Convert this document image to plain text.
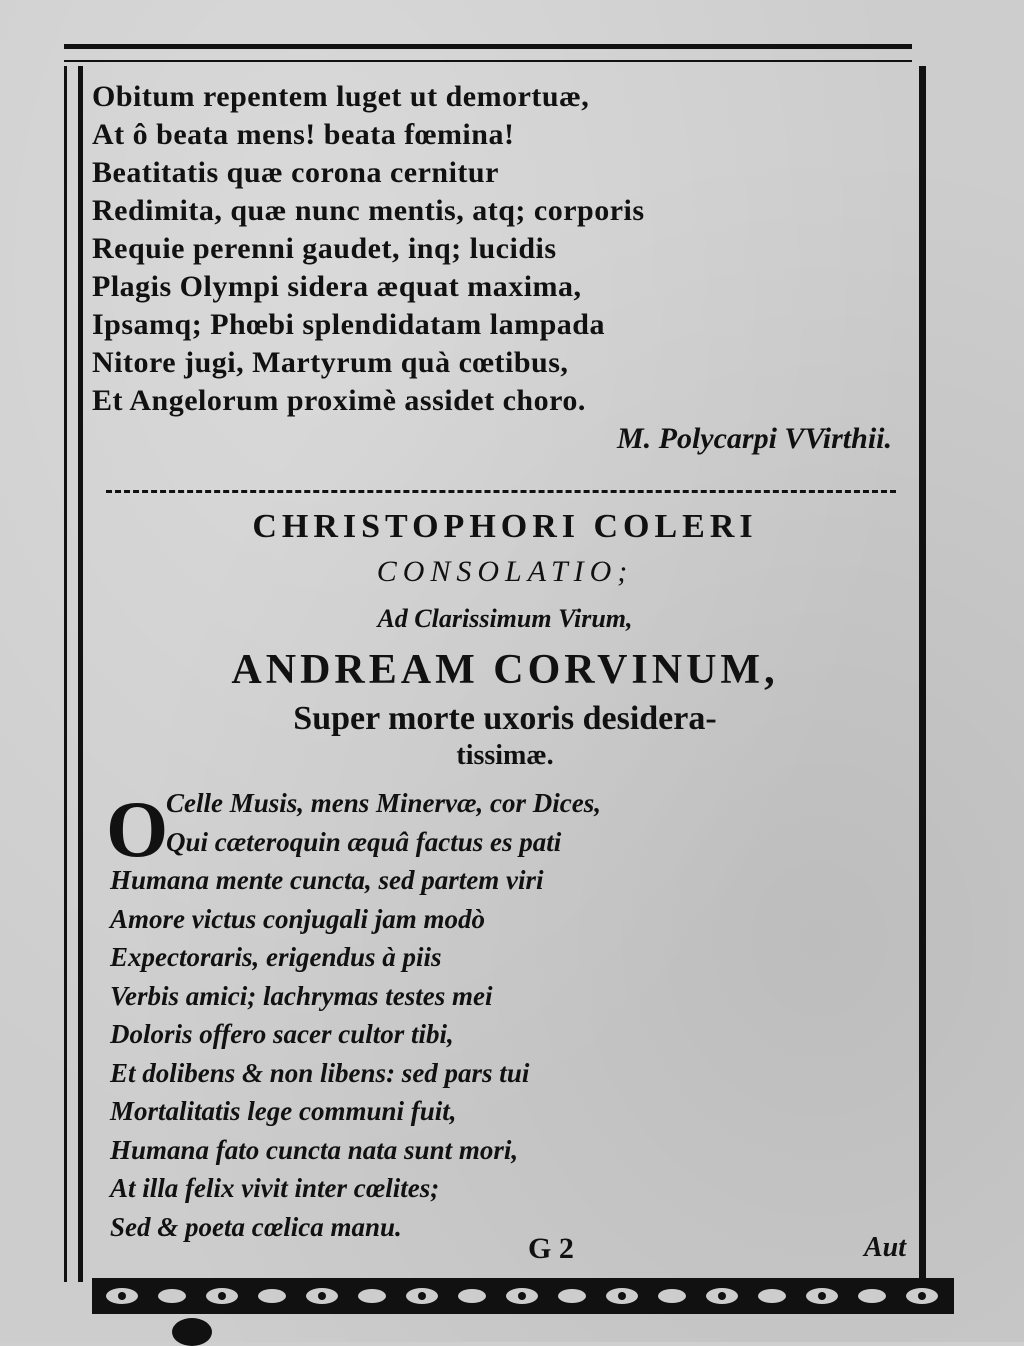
Obitum repentem luget ut demortuæ,
At ô beata mens! beata fœmina!
Beatitatis quæ corona cernitur
Redimita, quæ nunc mentis, atq; corporis
Requie perenni gaudet, inq; lucidis
Plagis Olympi sidera æquat maxima,
Ipsamq; Phœbi splendidatam lampada
Nitore jugi, Martyrum quà cœtibus,
Et Angelorum proximè assidet choro.
M. Polycarpi VVirthii.
CHRISTOPHORI COLERI
CONSOLATIO;
Ad Clarissimum Virum,
ANDREAM CORVINUM,
Super morte uxoris desidera-
tissimæ.
O
Celle Musis, mens Minervæ, cor Dices,
Qui cæteroquin æquâ factus es pati
Humana mente cuncta, sed partem viri
Amore victus conjugali jam modò
Expectoraris, erigendus à piis
Verbis amici; lachrymas testes mei
Doloris offero sacer cultor tibi,
Et dolibens & non libens: sed pars tui
Mortalitatis lege communi fuit,
Humana fato cuncta nata sunt mori,
At illa felix vivit inter cœlites;
Sed & poeta cœlica manu.
G 2	Aut
